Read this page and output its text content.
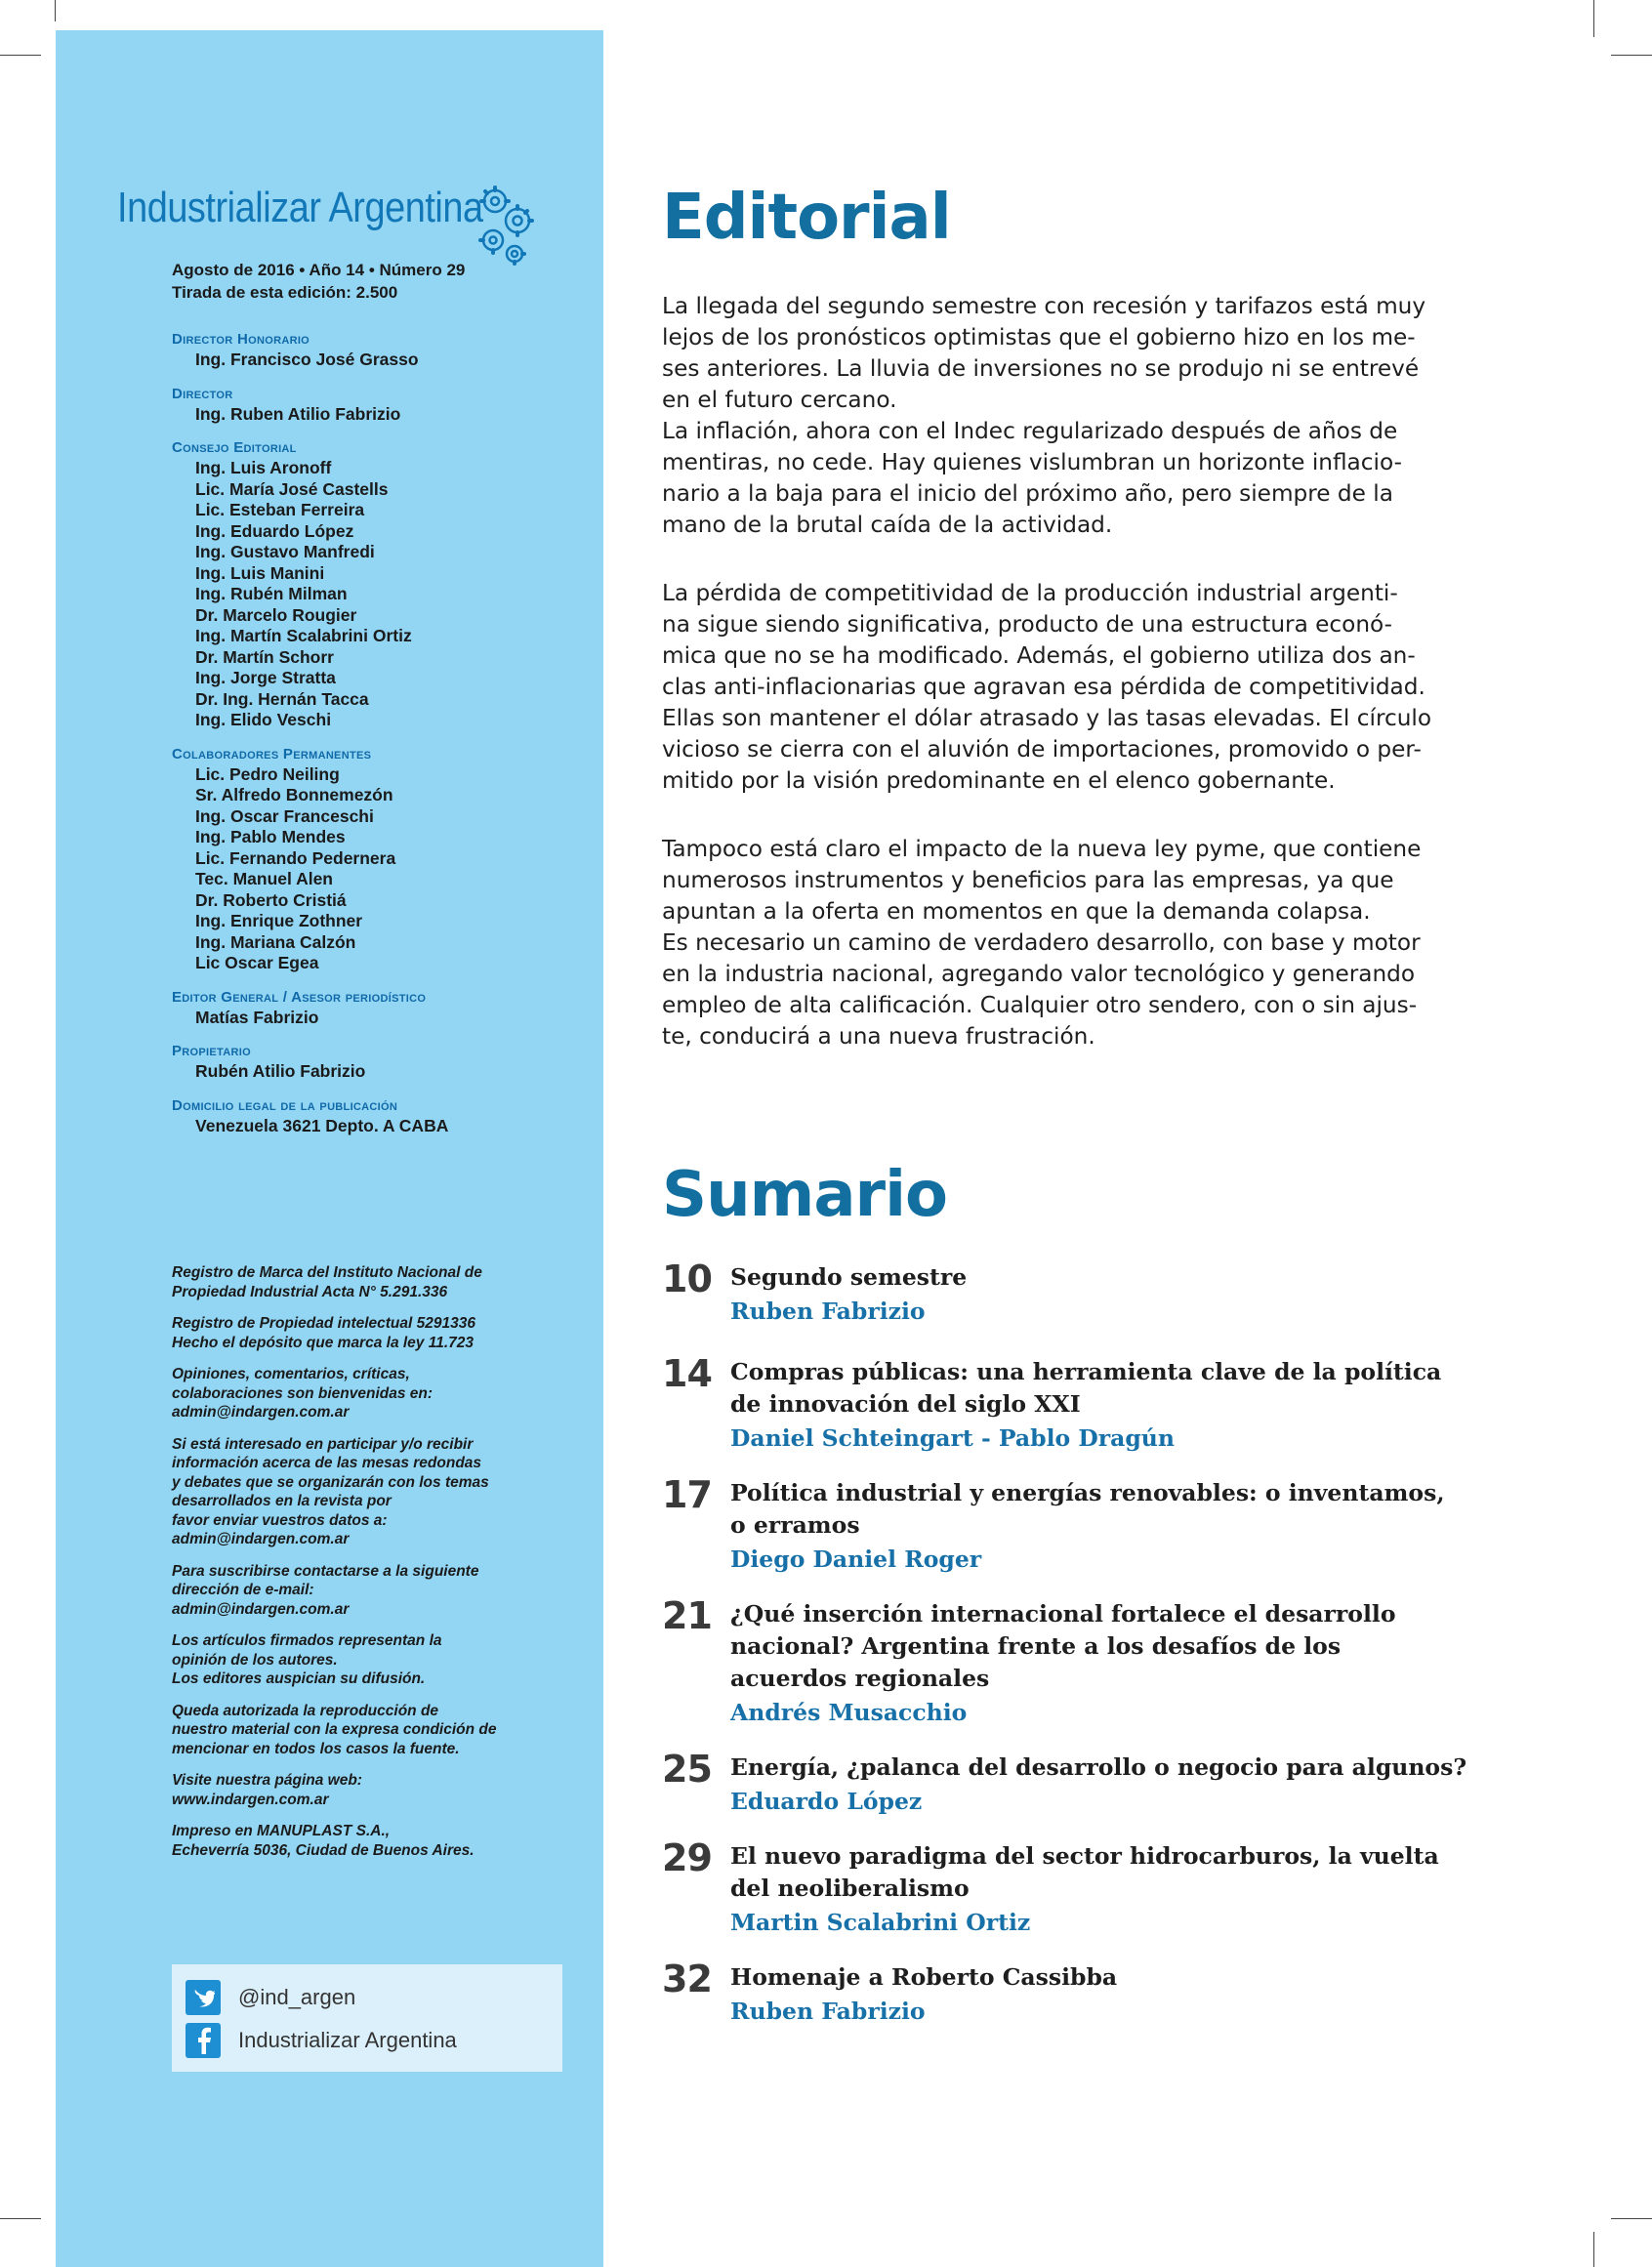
Industrializar Argentina
Agosto de 2016 • Año 14 • Número 29
Tirada de esta edición: 2.500
Director Honorario
Ing. Francisco José Grasso
Director
Ing. Ruben Atilio Fabrizio
Consejo Editorial
Ing. Luis Aronoff
Lic. María José Castells
Lic. Esteban Ferreira
Ing. Eduardo López
Ing. Gustavo Manfredi
Ing. Luis Manini
Ing. Rubén Milman
Dr. Marcelo Rougier
Ing. Martín Scalabrini Ortiz
Dr. Martín Schorr
Ing. Jorge Stratta
Dr. Ing. Hernán Tacca
Ing. Elido Veschi
Colaboradores Permanentes
Lic. Pedro Neiling
Sr. Alfredo Bonnemezón
Ing. Oscar Franceschi
Ing. Pablo Mendes
Lic. Fernando Pedernera
Tec. Manuel Alen
Dr. Roberto Cristiá
Ing. Enrique Zothner
Ing. Mariana Calzón
Lic Oscar Egea
Editor General / Asesor periodístico
Matías Fabrizio
Propietario
Rubén Atilio Fabrizio
Domicilio legal de la publicación
Venezuela 3621 Depto. A CABA
Registro de Marca del Instituto Nacional de
Propiedad Industrial Acta N° 5.291.336
Registro de Propiedad intelectual 5291336
Hecho el depósito que marca la ley 11.723
Opiniones, comentarios, críticas,
colaboraciones son bienvenidas en:
admin@indargen.com.ar
Si está interesado en participar y/o recibir
información acerca de las mesas redondas
y debates que se organizarán con los temas
desarrollados en la revista por
favor enviar vuestros datos a:
admin@indargen.com.ar
Para suscribirse contactarse a la siguiente
dirección de e-mail:
admin@indargen.com.ar
Los artículos firmados representan la
opinión de los autores.
Los editores auspician su difusión.
Queda autorizada la reproducción de
nuestro material con la expresa condición de
mencionar en todos los casos la fuente.
Visite nuestra página web:
www.indargen.com.ar
Impreso en MANUPLAST S.A.,
Echeverría 5036, Ciudad de Buenos Aires.
@ind_argen
Industrializar Argentina
Editorial
La llegada del segundo semestre con recesión y tarifazos está muy
lejos de los pronósticos optimistas que el gobierno hizo en los me-
ses anteriores. La lluvia de inversiones no se produjo ni se entrevé
en el futuro cercano.
La inflación, ahora con el Indec regularizado después de años de
mentiras, no cede. Hay quienes vislumbran un horizonte inflacio-
nario a la baja para el inicio del próximo año, pero siempre de la
mano de la brutal caída de la actividad.
La pérdida de competitividad de la producción industrial argenti-
na sigue siendo significativa, producto de una estructura econó-
mica que no se ha modificado. Además, el gobierno utiliza dos an-
clas anti-inflacionarias que agravan esa pérdida de competitividad.
Ellas son mantener el dólar atrasado y las tasas elevadas. El círculo
vicioso se cierra con el aluvión de importaciones, promovido o per-
mitido por la visión predominante en el elenco gobernante.
Tampoco está claro el impacto de la nueva ley pyme, que contiene
numerosos instrumentos y beneficios para las empresas, ya que
apuntan a la oferta en momentos en que la demanda colapsa.
Es necesario un camino de verdadero desarrollo, con base y motor
en la industria nacional, agregando valor tecnológico y generando
empleo de alta calificación. Cualquier otro sendero, con o sin ajus-
te, conducirá a una nueva frustración.
Sumario
10 Segundo semestre
Ruben Fabrizio
14 Compras públicas: una herramienta clave de la política
de innovación del siglo XXI
Daniel Schteingart - Pablo Dragún
17 Política industrial y energías renovables: o inventamos,
o erramos
Diego Daniel Roger
21 ¿Qué inserción internacional fortalece el desarrollo
nacional? Argentina frente a los desafíos de los
acuerdos regionales
Andrés Musacchio
25 Energía, ¿palanca del desarrollo o negocio para algunos?
Eduardo López
29 El nuevo paradigma del sector hidrocarburos, la vuelta
del neoliberalismo
Martin Scalabrini Ortiz
32 Homenaje a Roberto Cassibba
Ruben Fabrizio
